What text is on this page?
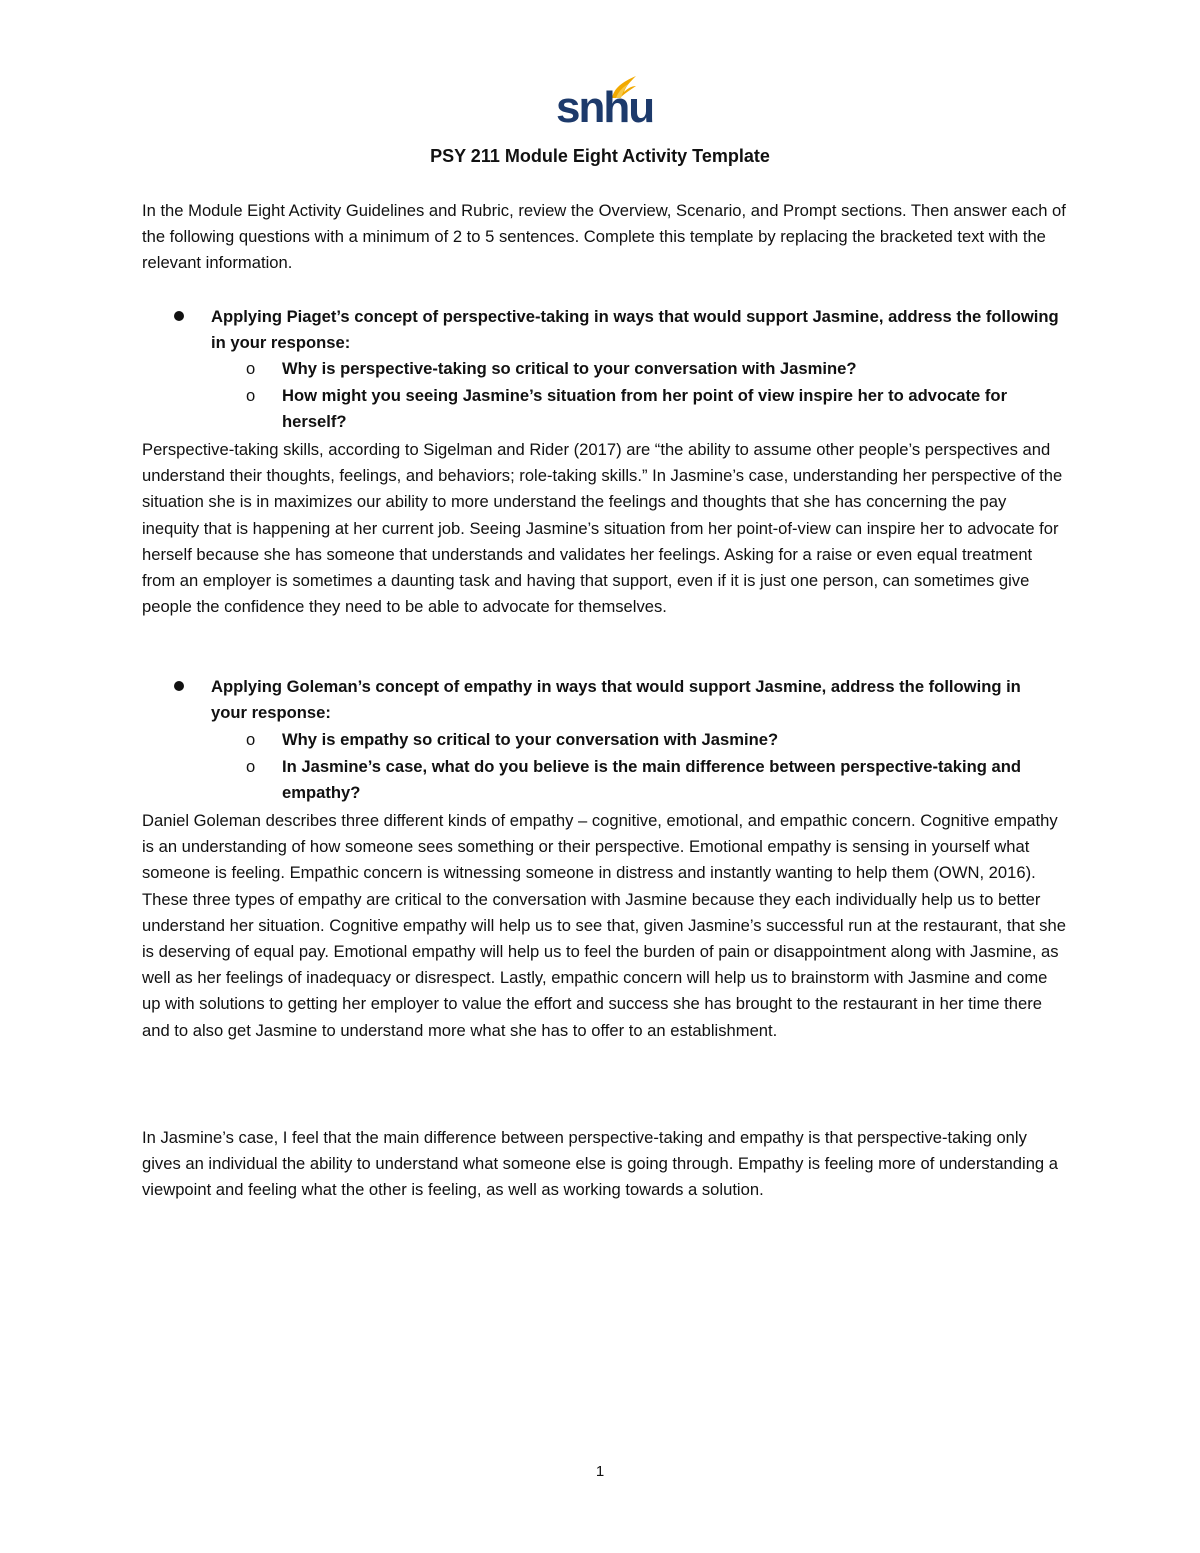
snhu
PSY 211 Module Eight Activity Template

In the Module Eight Activity Guidelines and Rubric, review the Overview, Scenario, and Prompt sections. Then answer each of the following questions with a minimum of 2 to 5 sentences. Complete this template by replacing the bracketed text with the relevant information.

Applying Piaget’s concept of perspective-taking in ways that would support Jasmine, address the following in your response:

o Why is perspective-taking so critical to your conversation with Jasmine?

o How might you seeing Jasmine’s situation from her point of view inspire her to advocate for herself?

Perspective-taking skills, according to Sigelman and Rider (2017) are “the ability to assume other people’s perspectives and understand their thoughts, feelings, and behaviors; role-taking skills.” In Jasmine’s case, understanding her perspective of the situation she is in maximizes our ability to more understand the feelings and thoughts that she has concerning the pay inequity that is happening at her current job. Seeing Jasmine’s situation from her point-of-view can inspire her to advocate for herself because she has someone that understands and validates her feelings. Asking for a raise or even equal treatment from an employer is sometimes a daunting task and having that support, even if it is just one person, can sometimes give people the confidence they need to be able to advocate for themselves.

Applying Goleman’s concept of empathy in ways that would support Jasmine, address the following in your response:

o Why is empathy so critical to your conversation with Jasmine?

o In Jasmine’s case, what do you believe is the main difference between perspective-taking and empathy?

Daniel Goleman describes three different kinds of empathy – cognitive, emotional, and empathic concern. Cognitive empathy is an understanding of how someone sees something or their perspective. Emotional empathy is sensing in yourself what someone is feeling. Empathic concern is witnessing someone in distress and instantly wanting to help them (OWN, 2016). These three types of empathy are critical to the conversation with Jasmine because they each individually help us to better understand her situation. Cognitive empathy will help us to see that, given Jasmine’s successful run at the restaurant, that she is deserving of equal pay. Emotional empathy will help us to feel the burden of pain or disappointment along with Jasmine, as well as her feelings of inadequacy or disrespect. Lastly, empathic concern will help us to brainstorm with Jasmine and come up with solutions to getting her employer to value the effort and success she has brought to the restaurant in her time there and to also get Jasmine to understand more what she has to offer to an establishment.

In Jasmine’s case, I feel that the main difference between perspective-taking and empathy is that perspective-taking only gives an individual the ability to understand what someone else is going through. Empathy is feeling more of understanding a viewpoint and feeling what the other is feeling, as well as working towards a solution.

1
